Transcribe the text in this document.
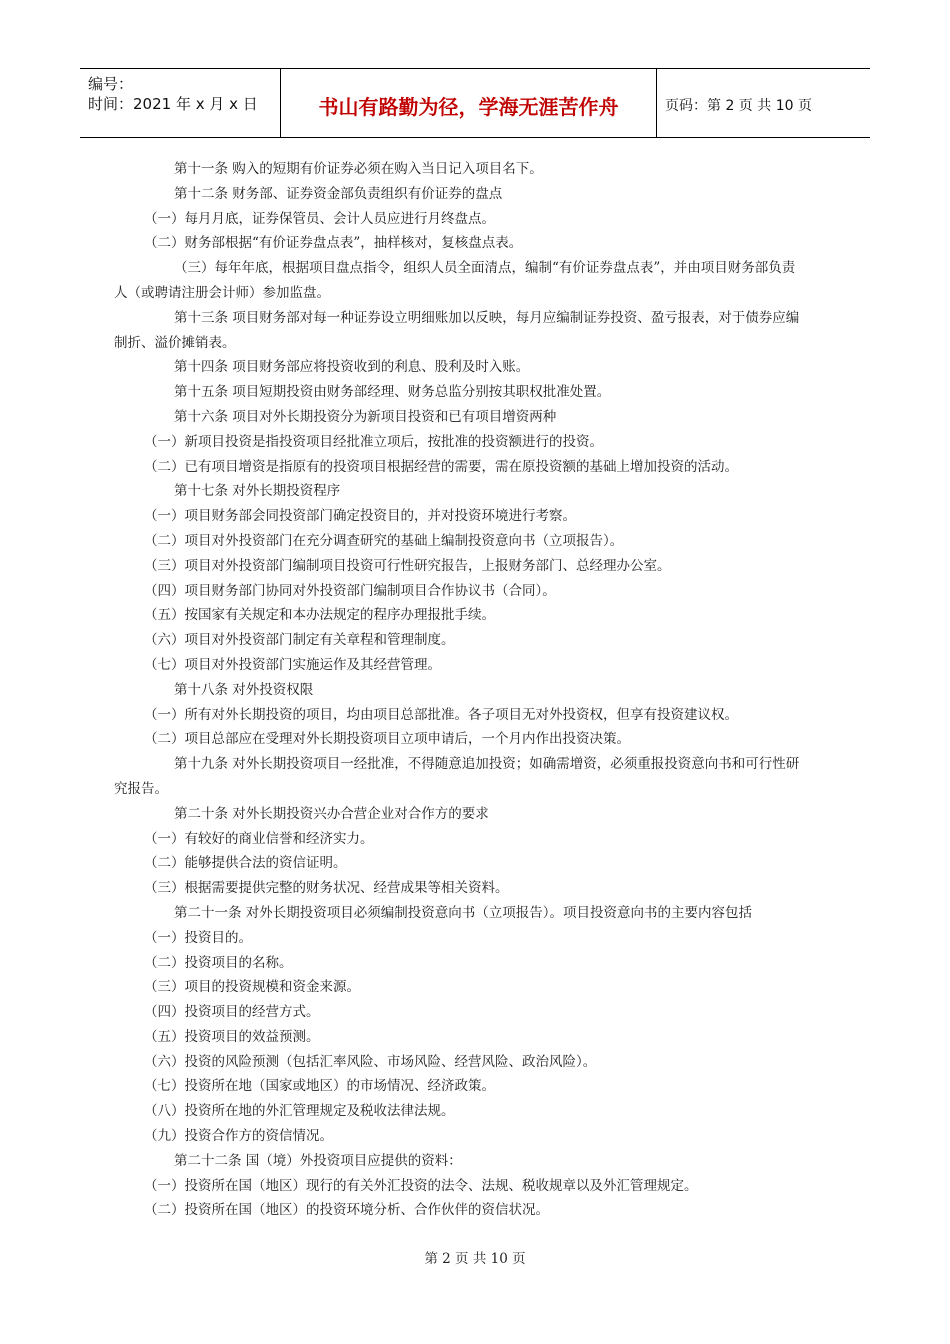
编号：
时间：2021 年 x 月 x 日	书山有路勤为径，学海无涯苦作舟	页码：第 2 页 共 10 页

第十一条 购入的短期有价证券必须在购入当日记入项目名下。

第十二条 财务部、证券资金部负责组织有价证券的盘点

（一）每月月底，证券保管员、会计人员应进行月终盘点。

（二）财务部根据“有价证券盘点表”，抽样核对，复核盘点表。

（三）每年年底，根据项目盘点指令，组织人员全面清点，编制“有价证券盘点表”，并由项目财务部负责人（或聘请注册会计师）参加监盘。

第十三条 项目财务部对每一种证券设立明细账加以反映，每月应编制证券投资、盈亏报表，对于债券应编制折、溢价摊销表。

第十四条 项目财务部应将投资收到的利息、股利及时入账。

第十五条 项目短期投资由财务部经理、财务总监分别按其职权批准处置。

第十六条 项目对外长期投资分为新项目投资和已有项目增资两种

（一）新项目投资是指投资项目经批准立项后，按批准的投资额进行的投资。

（二）已有项目增资是指原有的投资项目根据经营的需要，需在原投资额的基础上增加投资的活动。

第十七条 对外长期投资程序

（一）项目财务部会同投资部门确定投资目的，并对投资环境进行考察。

（二）项目对外投资部门在充分调查研究的基础上编制投资意向书（立项报告）。

（三）项目对外投资部门编制项目投资可行性研究报告，上报财务部门、总经理办公室。

（四）项目财务部门协同对外投资部门编制项目合作协议书（合同）。

（五）按国家有关规定和本办法规定的程序办理报批手续。

（六）项目对外投资部门制定有关章程和管理制度。

（七）项目对外投资部门实施运作及其经营管理。

第十八条 对外投资权限

（一）所有对外长期投资的项目，均由项目总部批准。各子项目无对外投资权，但享有投资建议权。

（二）项目总部应在受理对外长期投资项目立项申请后，一个月内作出投资决策。

第十九条 对外长期投资项目一经批准，不得随意追加投资；如确需增资，必须重报投资意向书和可行性研究报告。

第二十条 对外长期投资兴办合营企业对合作方的要求

（一）有较好的商业信誉和经济实力。

（二）能够提供合法的资信证明。

（三）根据需要提供完整的财务状况、经营成果等相关资料。

第二十一条 对外长期投资项目必须编制投资意向书（立项报告）。项目投资意向书的主要内容包括

（一）投资目的。

（二）投资项目的名称。

（三）项目的投资规模和资金来源。

（四）投资项目的经营方式。

（五）投资项目的效益预测。

（六）投资的风险预测（包括汇率风险、市场风险、经营风险、政治风险）。

（七）投资所在地（国家或地区）的市场情况、经济政策。

（八）投资所在地的外汇管理规定及税收法律法规。

（九）投资合作方的资信情况。

第二十二条 国（境）外投资项目应提供的资料：

（一）投资所在国（地区）现行的有关外汇投资的法令、法规、税收规章以及外汇管理规定。

（二）投资所在国（地区）的投资环境分析、合作伙伴的资信状况。

第 2 页 共 10 页
